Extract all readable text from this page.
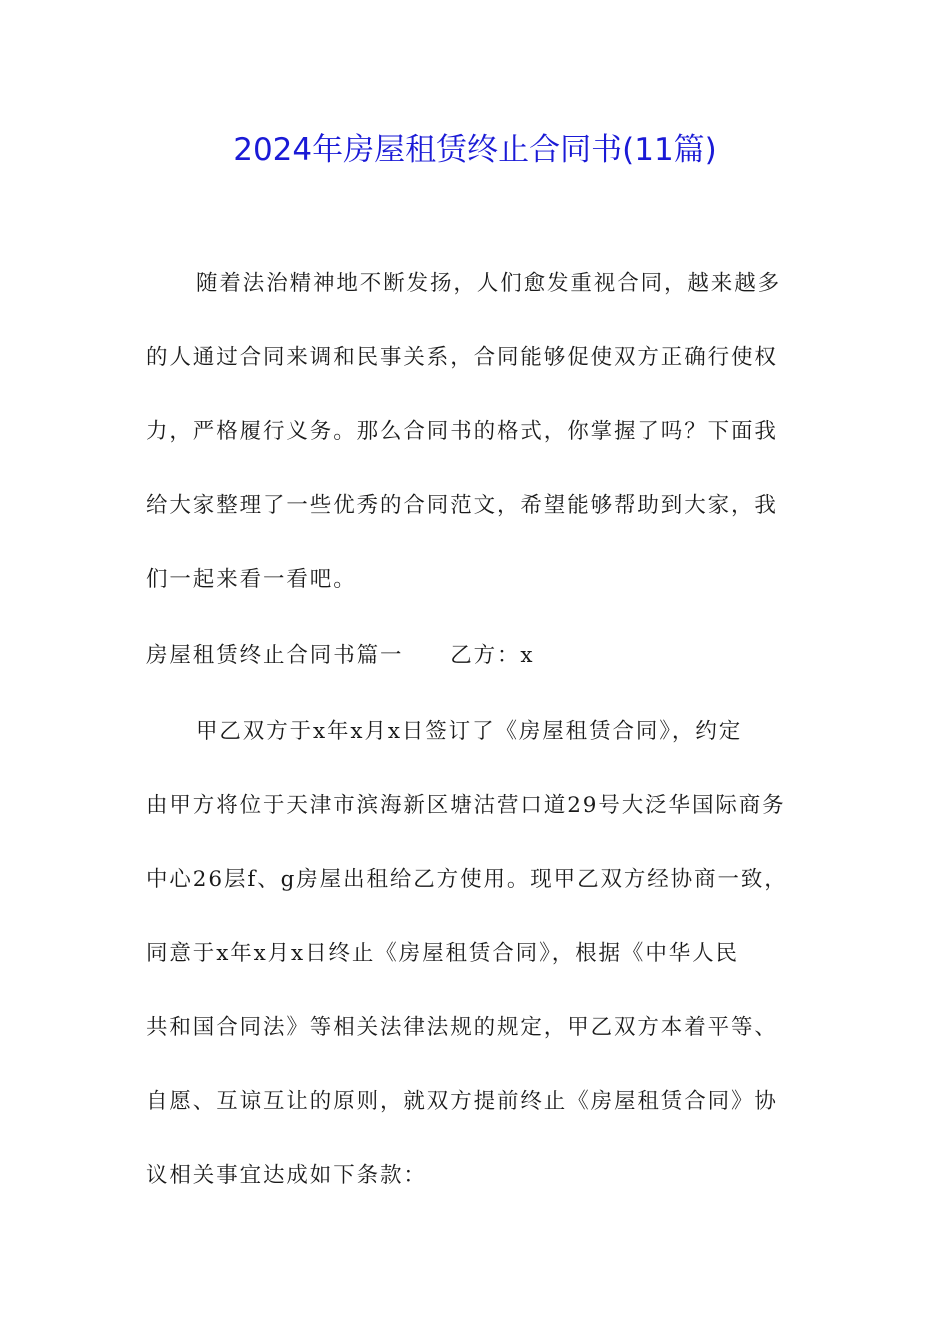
2024年房屋租赁终止合同书(11篇)
随着法治精神地不断发扬，人们愈发重视合同，越来越多
的人通过合同来调和民事关系，合同能够促使双方正确行使权
力，严格履行义务。那么合同书的格式，你掌握了吗？下面我
给大家整理了一些优秀的合同范文，希望能够帮助到大家，我
们一起来看一看吧。
房屋租赁终止合同书篇一　　乙方：x
甲乙双方于x年x月x日签订了《房屋租赁合同》，约定
由甲方将位于天津市滨海新区塘沽营口道29号大泛华国际商务
中心26层f、g房屋出租给乙方使用。现甲乙双方经协商一致，
同意于x年x月x日终止《房屋租赁合同》，根据《中华人民
共和国合同法》等相关法律法规的规定，甲乙双方本着平等、
自愿、互谅互让的原则，就双方提前终止《房屋租赁合同》协
议相关事宜达成如下条款：
